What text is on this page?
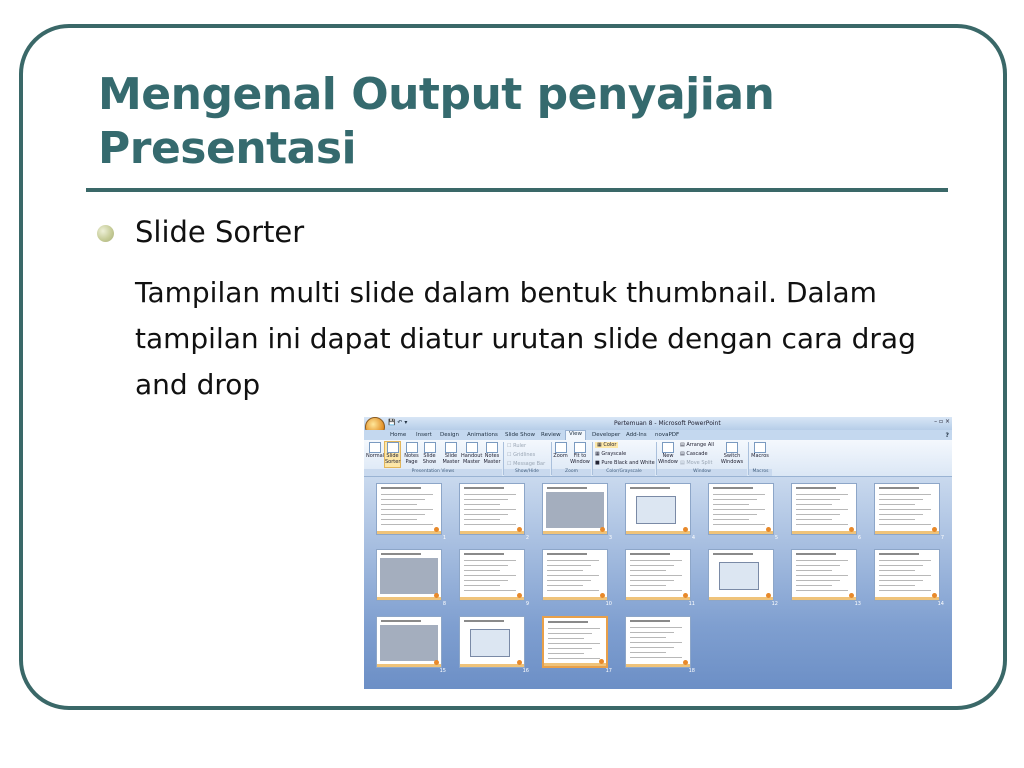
Mengenal Output penyajian Presentasi
Slide Sorter
Tampilan multi slide dalam bentuk thumbnail. Dalam tampilan ini dapat diatur urutan slide dengan cara drag and drop
💾 ↶ ▾	Pertemuan 8 - Microsoft PowerPoint	– ▫ ×
Home Insert Design Animations Slide Show Review	View	Developer Add-Ins novaPDF	?
Normal Slide Sorter
Notes Page
Slide Show
Slide Master
Handout Master
Notes Master
Presentation Views
☐ Ruler
☐ Gridlines
☐ Message Bar
Show/Hide
Zoom	Fit to Window
Zoom
▦ Color
▦ Grayscale
■ Pure Black and White
Color/Grayscale
New Window
▤ Arrange All
▤ Cascade
▤ Move Split
Switch Windows
Window
Macros
Macros
1	2	3	4	5	6	7
8	9	10	11	12	13	14
15	16	17	18
